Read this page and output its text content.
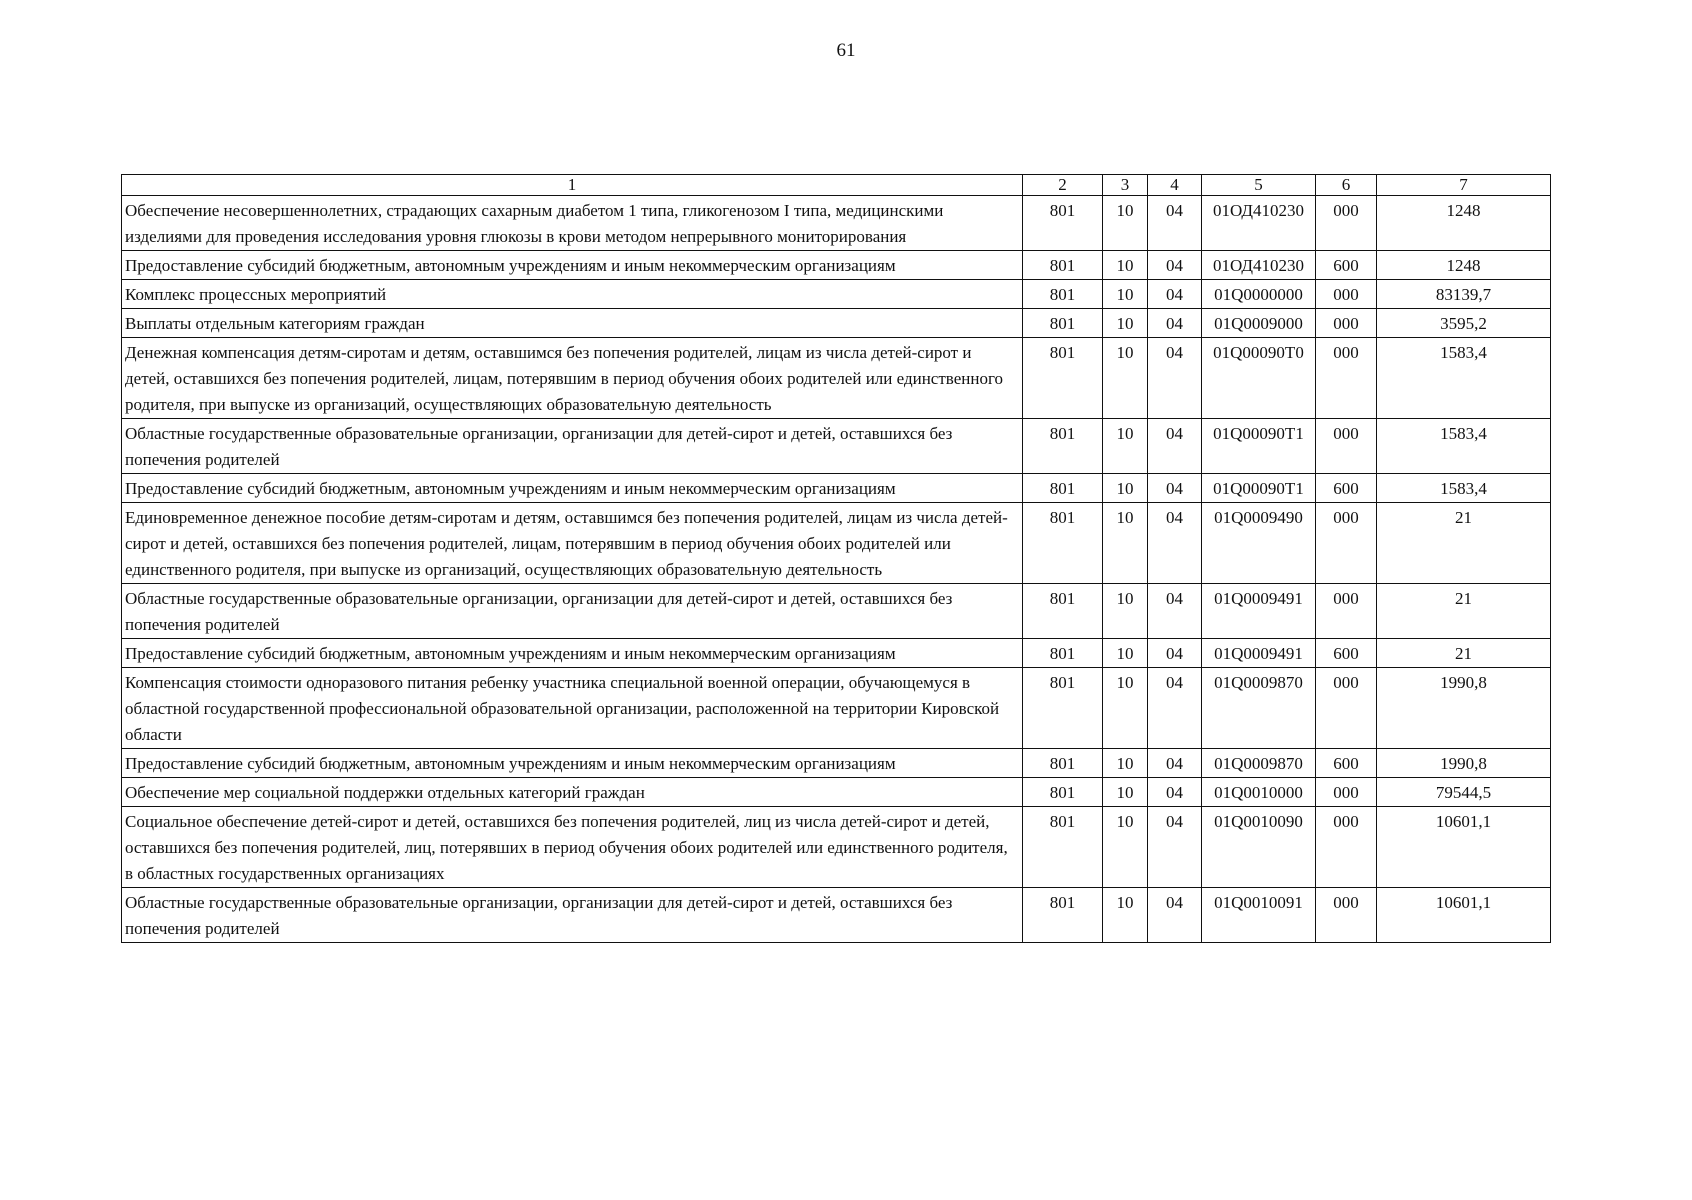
61
1	2	3	4	5	6	7
Обеспечение несовершеннолетних, страдающих сахарным диабетом 1 типа, гликогенозом I типа, медицинскими изделиями для проведения исследования уровня глюкозы в крови методом непрерывного мониторирования	801	10	04	01ОД410230	000	1248
Предоставление субсидий бюджетным, автономным учреждениям и иным некоммерческим организациям	801	10	04	01ОД410230	600	1248
Комплекс процессных мероприятий	801	10	04	01Q0000000	000	83139,7
Выплаты отдельным категориям граждан	801	10	04	01Q0009000	000	3595,2
Денежная компенсация детям-сиротам и детям, оставшимся без попечения родителей, лицам из числа детей-сирот и детей, оставшихся без попечения родителей, лицам, потерявшим в период обучения обоих родителей или единственного родителя, при выпуске из организаций, осуществляющих образовательную деятельность	801	10	04	01Q00090T0	000	1583,4
Областные государственные образовательные организации, организации для детей-сирот и детей, оставшихся без попечения родителей	801	10	04	01Q00090T1	000	1583,4
Предоставление субсидий бюджетным, автономным учреждениям и иным некоммерческим организациям	801	10	04	01Q00090T1	600	1583,4
Единовременное денежное пособие детям-сиротам и детям, оставшимся без попечения родителей, лицам из числа детей-сирот и детей, оставшихся без попечения родителей, лицам, потерявшим в период обучения обоих родителей или единственного родителя, при выпуске из организаций, осуществляющих образовательную деятельность	801	10	04	01Q0009490	000	21
Областные государственные образовательные организации, организации для детей-сирот и детей, оставшихся без попечения родителей	801	10	04	01Q0009491	000	21
Предоставление субсидий бюджетным, автономным учреждениям и иным некоммерческим организациям	801	10	04	01Q0009491	600	21
Компенсация стоимости одноразового питания ребенку участника специальной военной операции, обучающемуся в областной государственной профессиональной образовательной организации, расположенной на территории Кировской области	801	10	04	01Q0009870	000	1990,8
Предоставление субсидий бюджетным, автономным учреждениям и иным некоммерческим организациям	801	10	04	01Q0009870	600	1990,8
Обеспечение мер социальной поддержки отдельных категорий граждан	801	10	04	01Q0010000	000	79544,5
Социальное обеспечение детей-сирот и детей, оставшихся без попечения родителей, лиц из числа детей-сирот и детей, оставшихся без попечения родителей, лиц, потерявших в период обучения обоих родителей или единственного родителя, в областных государственных организациях	801	10	04	01Q0010090	000	10601,1
Областные государственные образовательные организации, организации для детей-сирот и детей, оставшихся без попечения родителей	801	10	04	01Q0010091	000	10601,1
